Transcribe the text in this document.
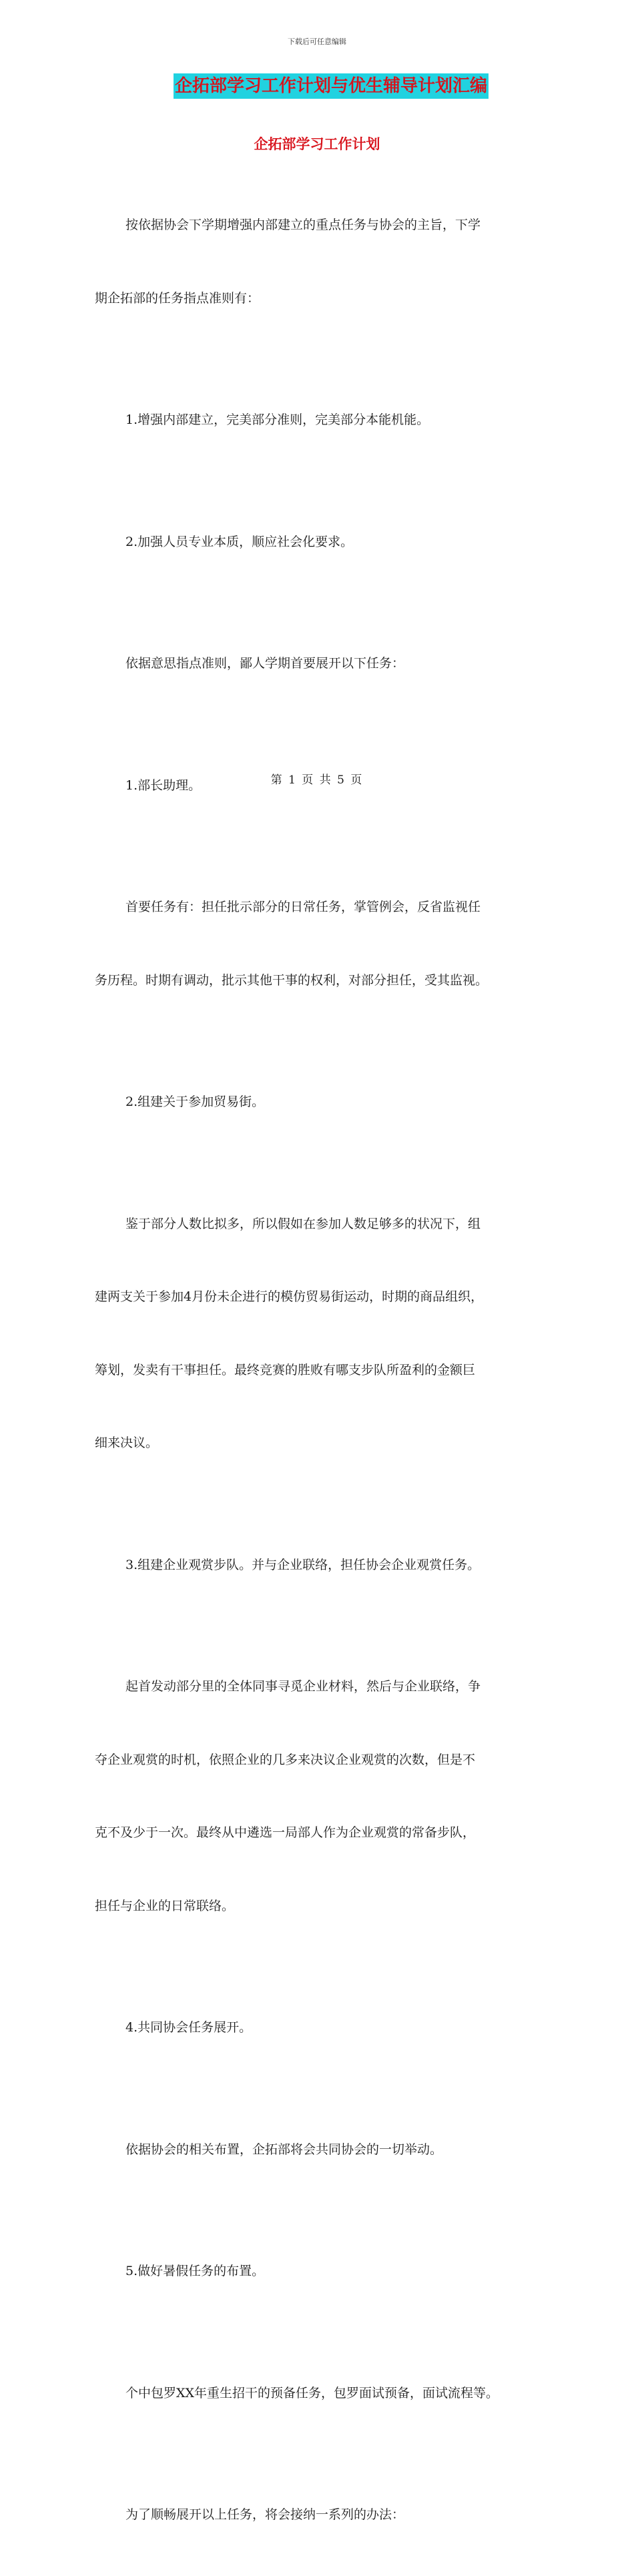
下载后可任意编辑
企拓部学习工作计划与优生辅导计划汇编
企拓部学习工作计划

按依据协会下学期增强内部建立的重点任务与协会的主旨，下学

期企拓部的任务指点准则有：

1.增强内部建立，完美部分准则，完美部分本能机能。

2.加强人员专业本质，顺应社会化要求。

依据意思指点准则，鄙人学期首要展开以下任务：

1.部长助理。

首要任务有：担任批示部分的日常任务，掌管例会，反省监视任

务历程。时期有调动，批示其他干事的权利，对部分担任，受其监视。

2.组建关于参加贸易街。

鉴于部分人数比拟多，所以假如在参加人数足够多的状况下，组

建两支关于参加4月份未企进行的模仿贸易街运动，时期的商品组织，

筹划，发卖有干事担任。最终竞赛的胜败有哪支步队所盈利的金额巨

细来决议。

3.组建企业观赏步队。并与企业联络，担任协会企业观赏任务。

起首发动部分里的全体同事寻觅企业材料，然后与企业联络，争

夺企业观赏的时机，依照企业的几多来决议企业观赏的次数，但是不

克不及少于一次。最终从中遴选一局部人作为企业观赏的常备步队，

担任与企业的日常联络。

4.共同协会任务展开。

依据协会的相关布置，企拓部将会共同协会的一切举动。

5.做好暑假任务的布置。

个中包罗XX年重生招干的预备任务，包罗面试预备，面试流程等。

为了顺畅展开以上任务，将会接纳一系列的办法：

第 1 页 共 5 页
